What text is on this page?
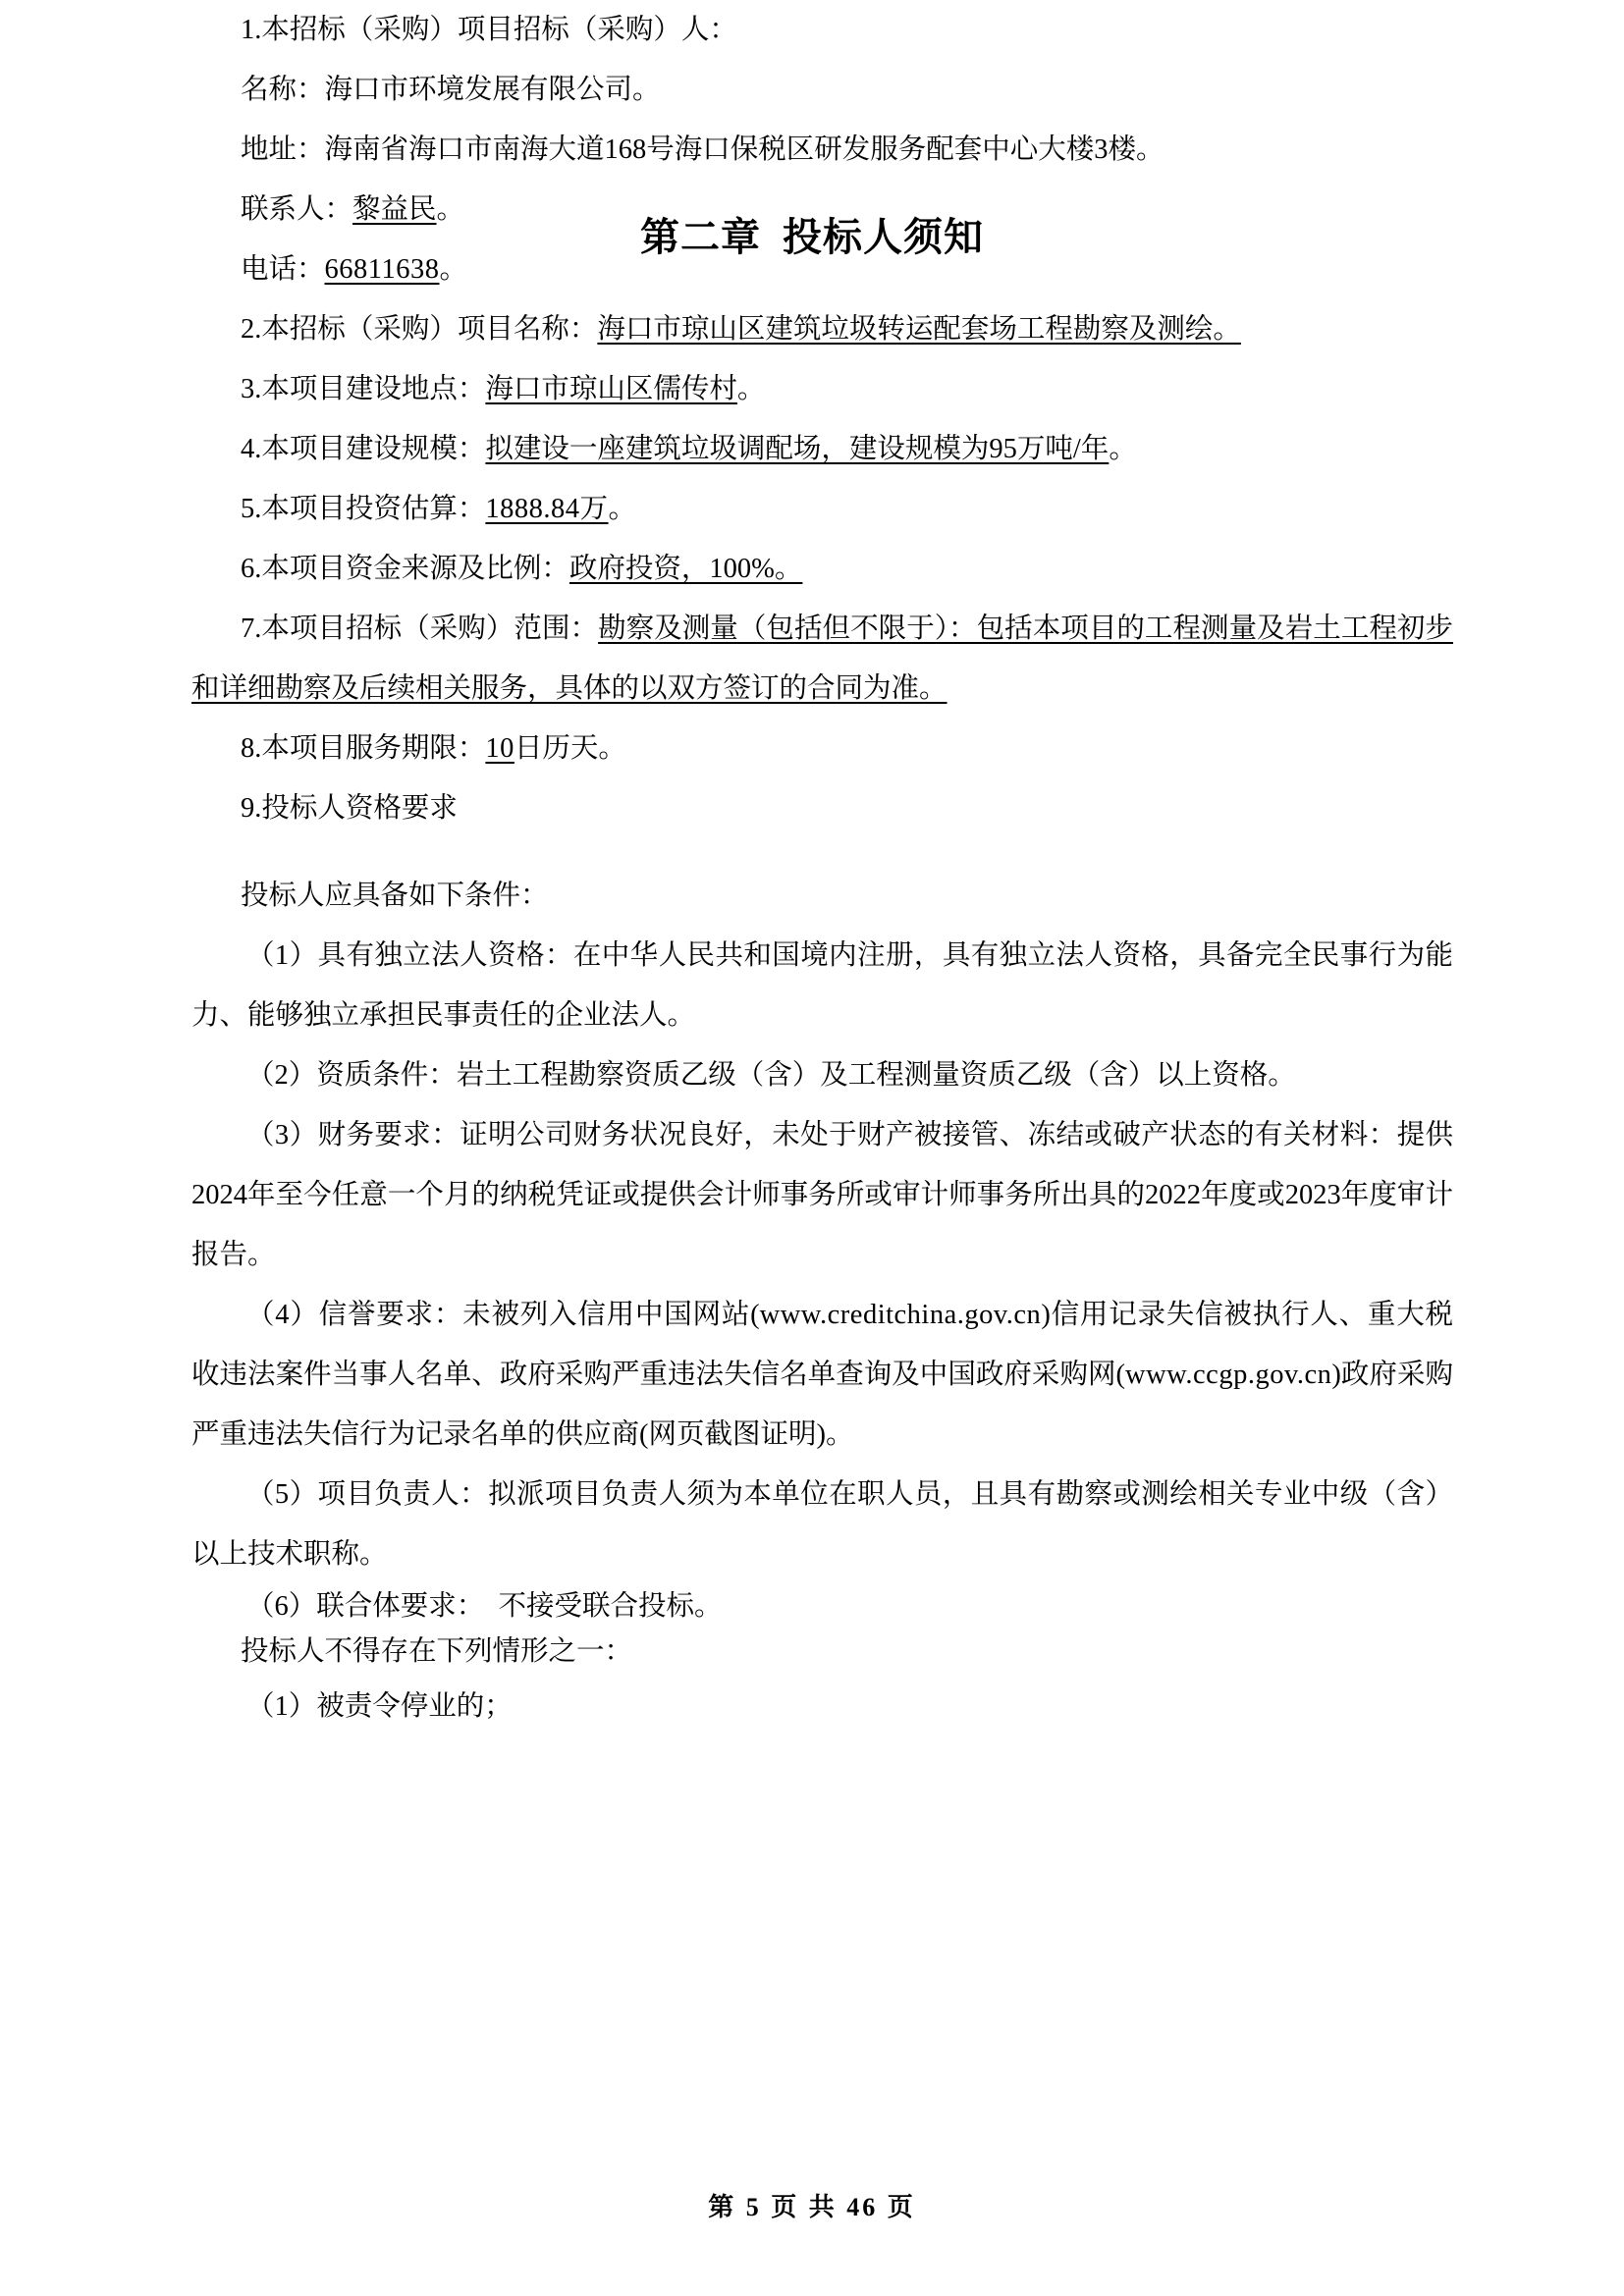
第二章  投标人须知

1.本招标（采购）项目招标（采购）人：

名称：海口市环境发展有限公司。

地址：海南省海口市南海大道168号海口保税区研发服务配套中心大楼3楼。

联系人：黎益民。

电话：66811638。

2.本招标（采购）项目名称：海口市琼山区建筑垃圾转运配套场工程勘察及测绘。

3.本项目建设地点：海口市琼山区儒传村。

4.本项目建设规模：拟建设一座建筑垃圾调配场，建设规模为95万吨/年。

5.本项目投资估算：1888.84万。

6.本项目资金来源及比例：政府投资，100%。

7.本项目招标（采购）范围：勘察及测量（包括但不限于）：包括本项目的工程测量及岩土工程初步和详细勘察及后续相关服务，具体的以双方签订的合同为准。

8.本项目服务期限：10日历天。

9.投标人资格要求

投标人应具备如下条件：

（1）具有独立法人资格：在中华人民共和国境内注册，具有独立法人资格，具备完全民事行为能力、能够独立承担民事责任的企业法人。

（2）资质条件：岩土工程勘察资质乙级（含）及工程测量资质乙级（含）以上资格。

（3）财务要求：证明公司财务状况良好，未处于财产被接管、冻结或破产状态的有关材料：提供2024年至今任意一个月的纳税凭证或提供会计师事务所或审计师事务所出具的2022年度或2023年度审计报告。

（4）信誉要求：未被列入信用中国网站(www.creditchina.gov.cn)信用记录失信被执行人、重大税收违法案件当事人名单、政府采购严重违法失信名单查询及中国政府采购网(www.ccgp.gov.cn)政府采购严重违法失信行为记录名单的供应商(网页截图证明)。

（5）项目负责人：拟派项目负责人须为本单位在职人员，且具有勘察或测绘相关专业中级（含）以上技术职称。

（6）联合体要求：　不接受联合投标。

投标人不得存在下列情形之一：

（1）被责令停业的；

第 5 页 共 46 页
